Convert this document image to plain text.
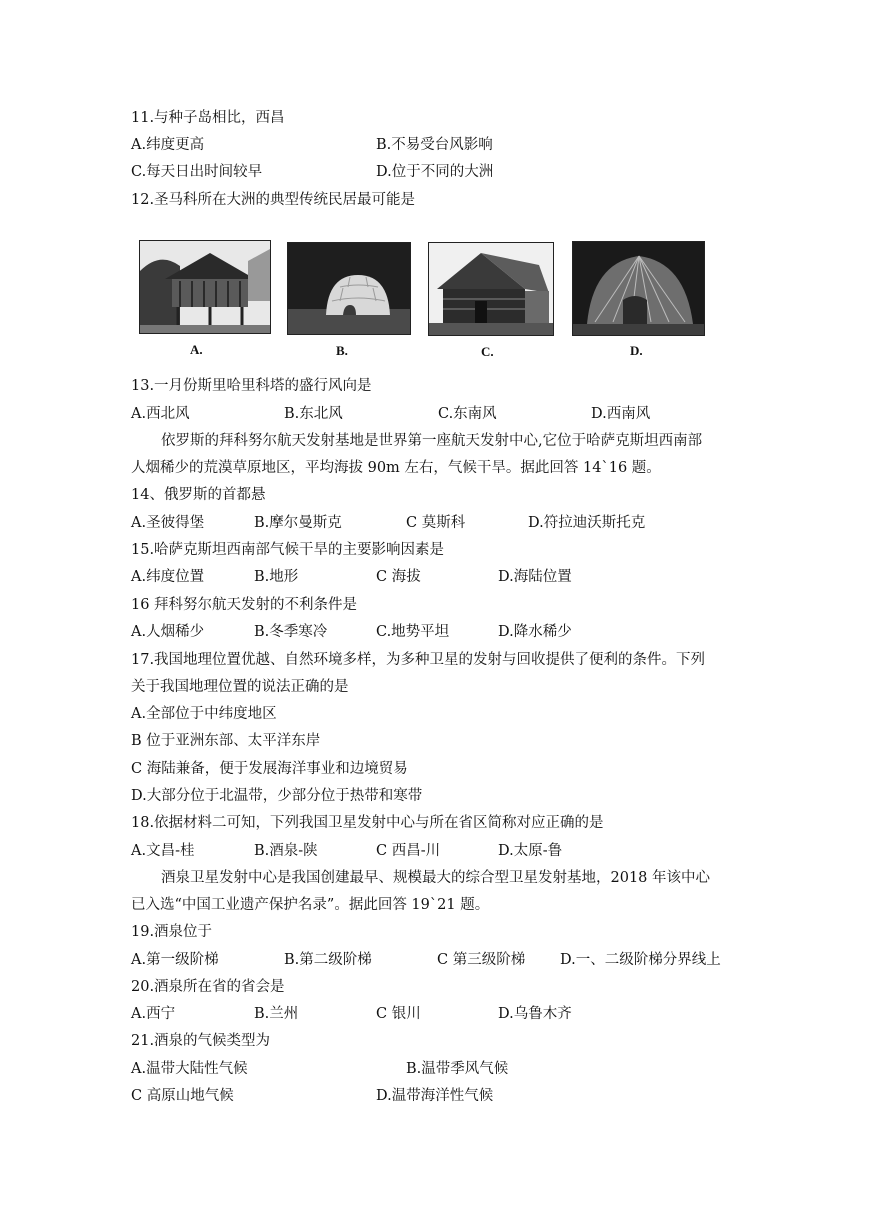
11.与种子岛相比，西昌
A.纬度更高	B.不易受台风影响
C.每天日出时间较早	D.位于不同的大洲
12.圣马科所在大洲的典型传统民居最可能是
A.	B.	C.	D.
13.一月份斯里哈里科塔的盛行风向是
A.西北风	B.东北风	C.东南风	D.西南风
依罗斯的拜科努尔航天发射基地是世界第一座航天发射中心,它位于哈萨克斯坦西南部
人烟稀少的荒漠草原地区，平均海拔 90m 左右，气候干旱。据此回答 14`16 题。
14、俄罗斯的首都悬
A.圣彼得堡	B.摩尔曼斯克	C 莫斯科	D.符拉迪沃斯托克
15.哈萨克斯坦西南部气候干旱的主要影响因素是
A.纬度位置	B.地形	C 海拔	D.海陆位置
16 拜科努尔航天发射的不利条件是
A.人烟稀少	B.冬季寒冷	C.地势平坦	D.降水稀少
17.我国地理位置优越、自然环境多样，为多种卫星的发射与回收提供了便利的条件。下列
关于我国地理位置的说法正确的是
A.全部位于中纬度地区
B 位于亚洲东部、太平洋东岸
C 海陆兼备，便于发展海洋事业和边境贸易
D.大部分位于北温带，少部分位于热带和寒带
18.依据材料二可知，下列我国卫星发射中心与所在省区简称对应正确的是
A.文昌-桂	B.酒泉-陕	C 西昌-川	D.太原-鲁
酒泉卫星发射中心是我国创建最早、规模最大的综合型卫星发射基地，2018 年该中心
已入选“中国工业遗产保护名录”。据此回答 19`21 题。
19.酒泉位于
A.第一级阶梯	B.第二级阶梯	C 第三级阶梯 D.一、二级阶梯分界线上
20.酒泉所在省的省会是
A.西宁	B.兰州	C 银川	D.乌鲁木齐
21.酒泉的气候类型为
A.温带大陆性气候	B.温带季风气候
C 高原山地气候	D.温带海洋性气候
